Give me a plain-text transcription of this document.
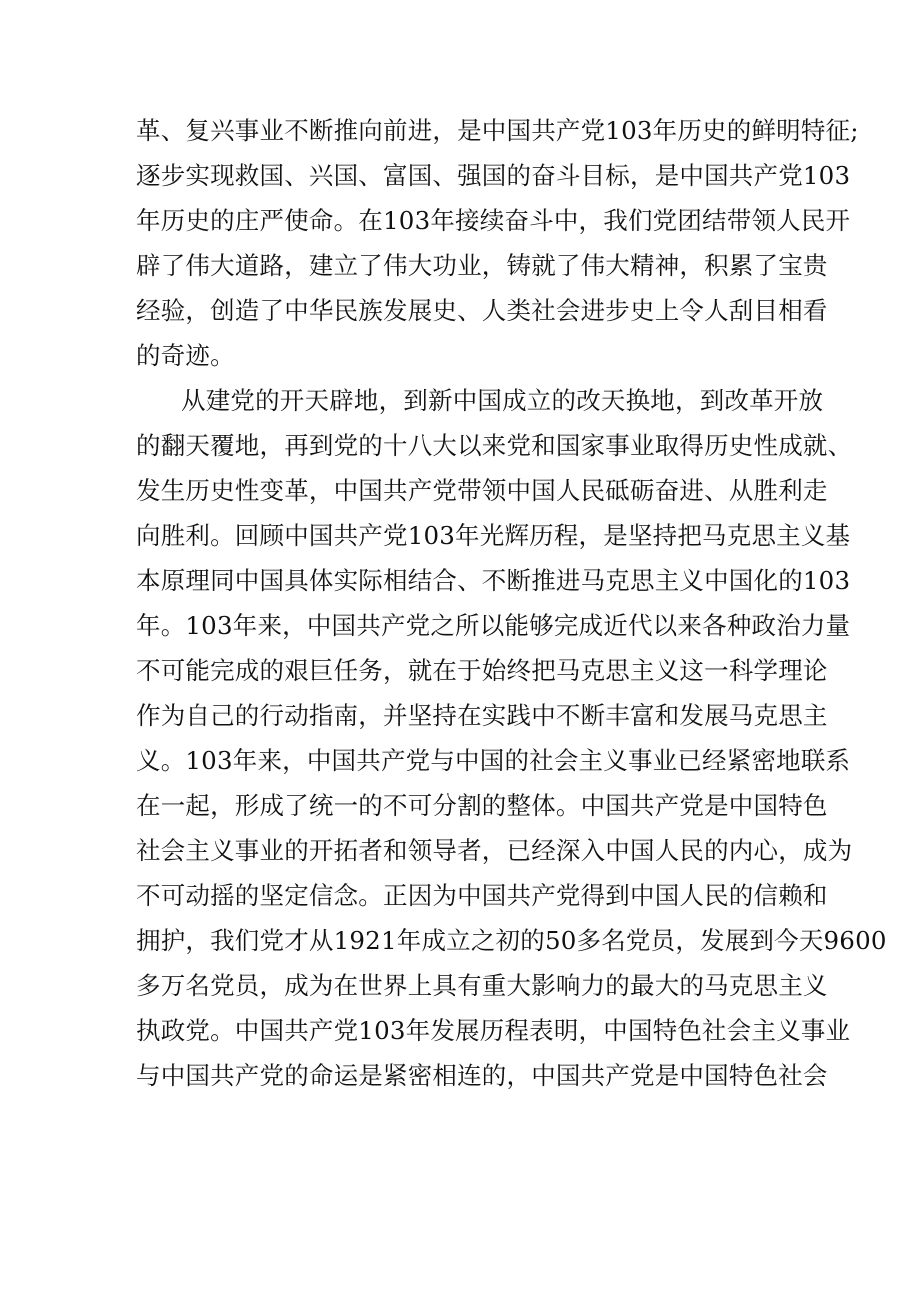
革、复兴事业不断推向前进，是中国共产党103年历史的鲜明特征;
逐步实现救国、兴国、富国、强国的奋斗目标，是中国共产党103
年历史的庄严使命。在103年接续奋斗中，我们党团结带领人民开
辟了伟大道路，建立了伟大功业，铸就了伟大精神，积累了宝贵
经验，创造了中华民族发展史、人类社会进步史上令人刮目相看
的奇迹。
从建党的开天辟地，到新中国成立的改天换地，到改革开放
的翻天覆地，再到党的十八大以来党和国家事业取得历史性成就、
发生历史性变革，中国共产党带领中国人民砥砺奋进、从胜利走
向胜利。回顾中国共产党103年光辉历程，是坚持把马克思主义基
本原理同中国具体实际相结合、不断推进马克思主义中国化的103
年。103年来，中国共产党之所以能够完成近代以来各种政治力量
不可能完成的艰巨任务，就在于始终把马克思主义这一科学理论
作为自己的行动指南，并坚持在实践中不断丰富和发展马克思主
义。103年来，中国共产党与中国的社会主义事业已经紧密地联系
在一起，形成了统一的不可分割的整体。中国共产党是中国特色
社会主义事业的开拓者和领导者，已经深入中国人民的内心，成为
不可动摇的坚定信念。正因为中国共产党得到中国人民的信赖和
拥护，我们党才从1921年成立之初的50多名党员，发展到今天9600
多万名党员，成为在世界上具有重大影响力的最大的马克思主义
执政党。中国共产党103年发展历程表明，中国特色社会主义事业
与中国共产党的命运是紧密相连的，中国共产党是中国特色社会
